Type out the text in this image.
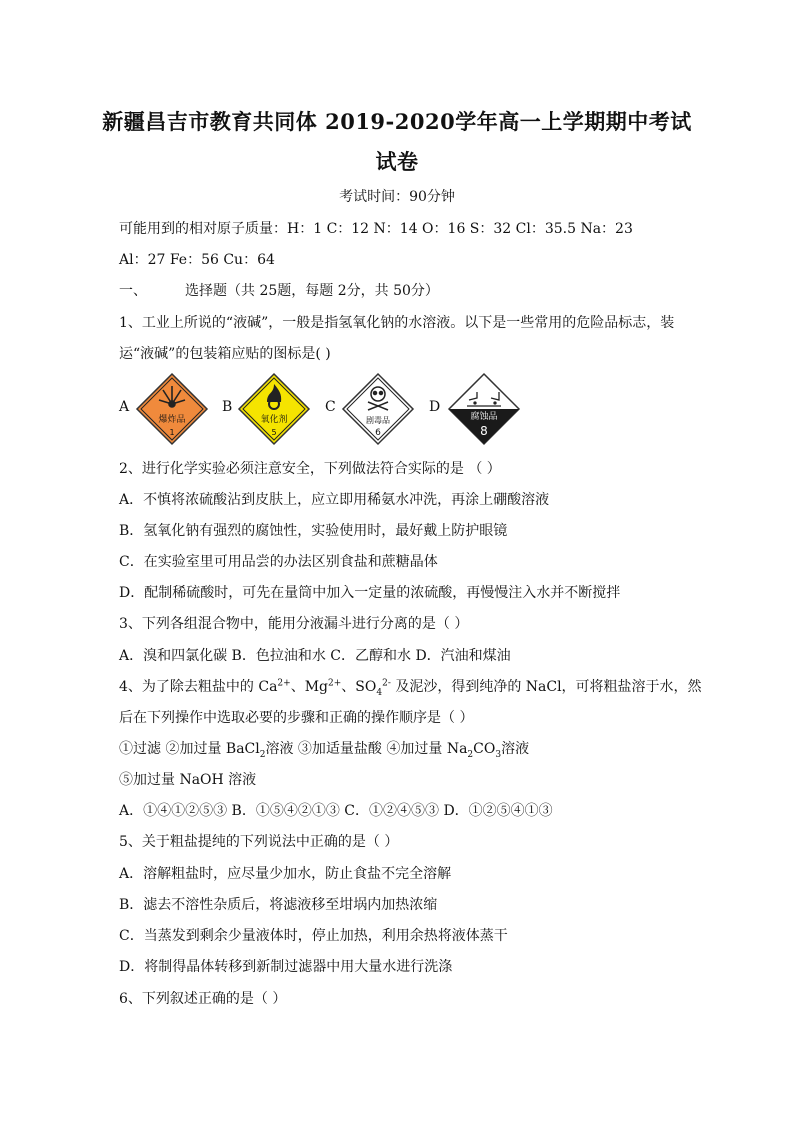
新疆昌吉市教育共同体 2019-2020学年高一上学期期中考试
试卷
考试时间：90分钟
可能用到的相对原子质量：H：1 C：12 N：14 O：16 S：32 Cl：35.5 Na：23
Al：27 Fe：56 Cu：64
一、	选择题（共 25题，每题 2分，共 50分）
1、工业上所说的“液碱”，一般是指氢氧化钠的水溶液。以下是一些常用的危险品标志，装
运“液碱”的包装箱应贴的图标是( )
A
爆炸品
1
B
氧化剂
5
C
剧毒品
6
D
腐蚀品
8
2、进行化学实验必须注意安全，下列做法符合实际的是 （ ）
A．不慎将浓硫酸沾到皮肤上，应立即用稀氨水冲洗，再涂上硼酸溶液
B．氢氧化钠有强烈的腐蚀性，实验使用时，最好戴上防护眼镜
C．在实验室里可用品尝的办法区别食盐和蔗糖晶体
D．配制稀硫酸时，可先在量筒中加入一定量的浓硫酸，再慢慢注入水并不断搅拌
3、下列各组混合物中，能用分液漏斗进行分离的是（ ）
A．溴和四氯化碳 B．色拉油和水 C．乙醇和水 D．汽油和煤油
4、为了除去粗盐中的 $Ca^{2+}$、$Mg^{2+}$、$SO_4^{2-}$ 及泥沙，得到纯净的 NaCl，可将粗盐溶于水，然
后在下列操作中选取必要的步骤和正确的操作顺序是（ ）
①过滤 ②加过量 BaCl$_2$溶液 ③加适量盐酸 ④加过量 $Na_2CO_3$溶液
⑤加过量 NaOH 溶液
A．①④①②⑤③ B．①⑤④②①③ C．①②④⑤③ D．①②⑤④①③
5、关于粗盐提纯的下列说法中正确的是（ ）
A．溶解粗盐时，应尽量少加水，防止食盐不完全溶解
B．滤去不溶性杂质后，将滤液移至坩埚内加热浓缩
C．当蒸发到剩余少量液体时，停止加热，利用余热将液体蒸干
D．将制得晶体转移到新制过滤器中用大量水进行洗涤
6、下列叙述正确的是（ ）
